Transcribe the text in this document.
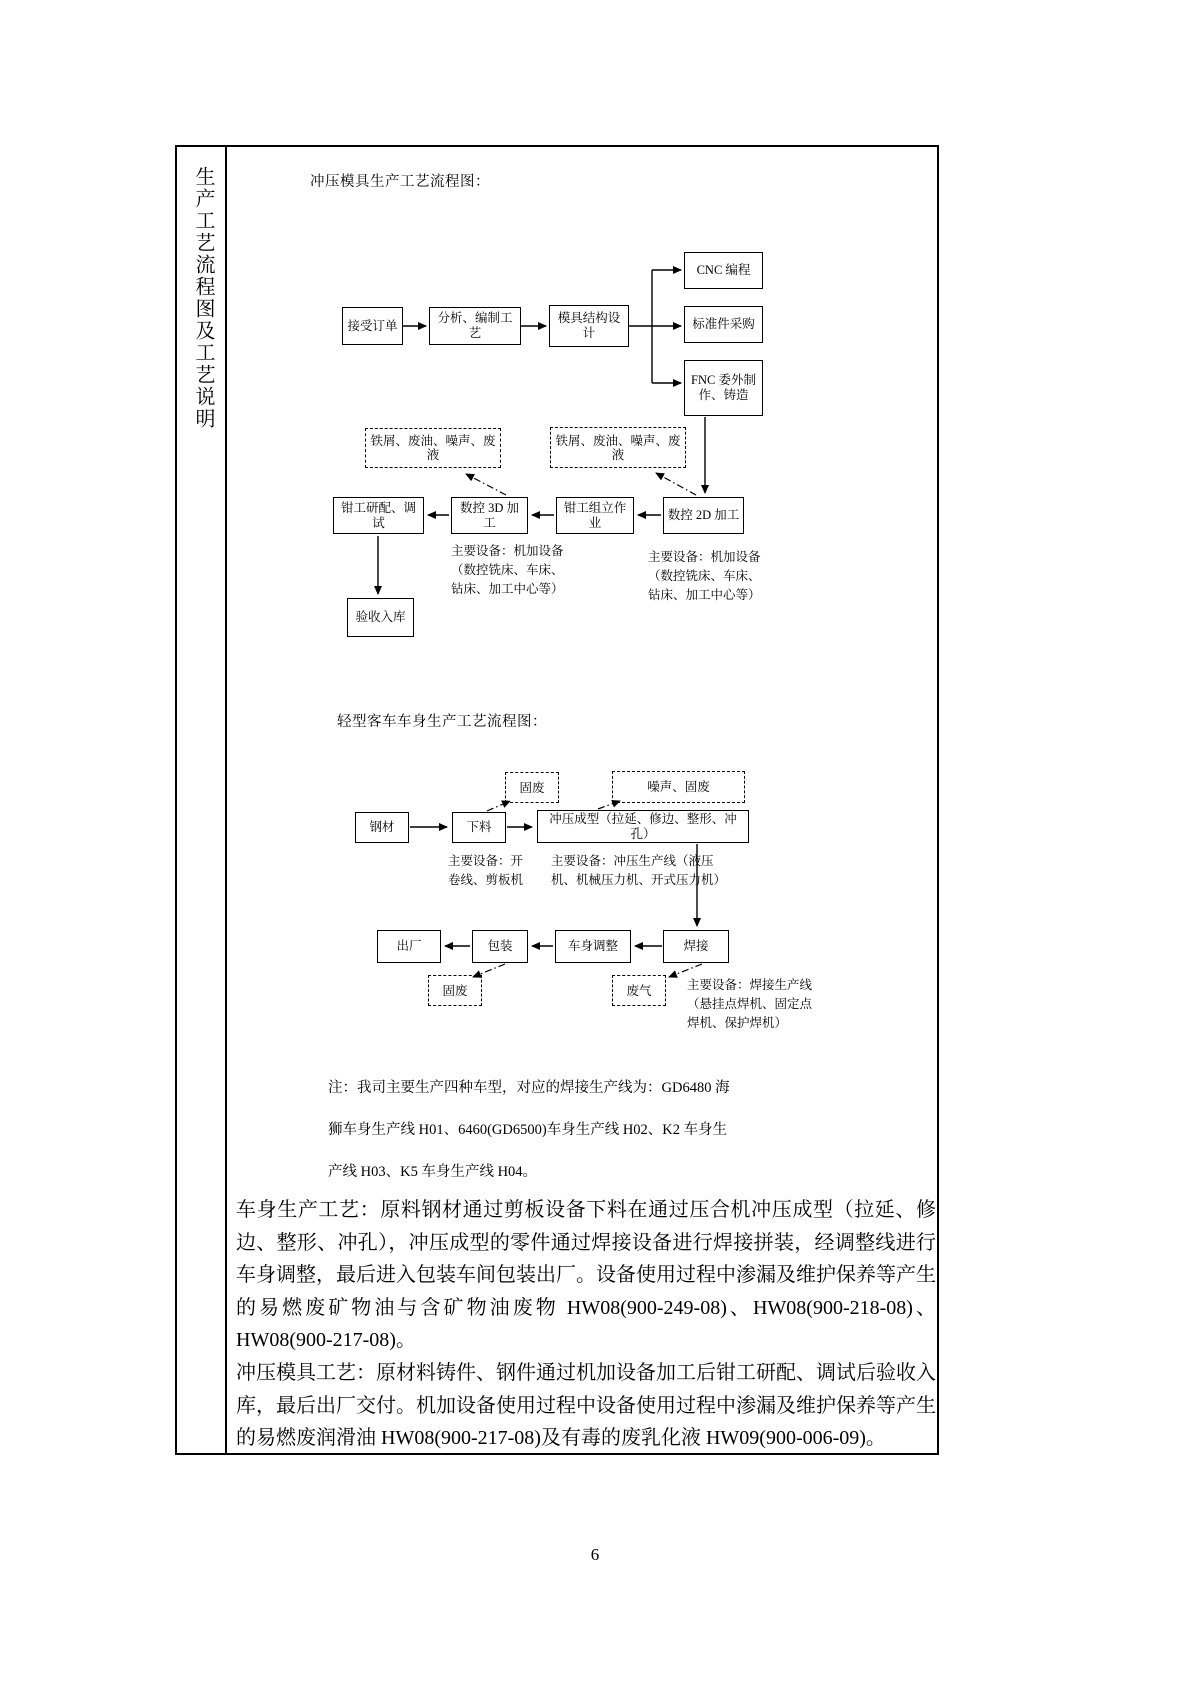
生产工艺流程图及工艺说明	冲压模具生产工艺流程图：
接受订单
分析、编制工艺
模具结构设计
CNC 编程
标准件采购
FNC 委外制作、铸造
铁屑、废油、噪声、废液
铁屑、废油、噪声、废液
钳工研配、调试
数控 3D 加工
钳工组立作业
数控 2D 加工
主要设备：机加设备（数控铣床、车床、钻床、加工中心等）
主要设备：机加设备（数控铣床、车床、钻床、加工中心等）
验收入库
轻型客车车身生产工艺流程图：
固废	噪声、固废
钢材	下料
冲压成型（拉延、修边、整形、冲孔）
主要设备：开卷线、剪板机
主要设备：冲压生产线（液压机、机械压力机、开式压力机）
出厂	包装	车身调整	焊接
固废	废气	主要设备：焊接生产线（悬挂点焊机、固定点焊机、保护焊机）
注：我司主要生产四种车型，对应的焊接生产线为：GD6480 海
狮车身生产线 H01、6460(GD6500)车身生产线 H02、K2 车身生
产线 H03、K5 车身生产线 H04。

车身生产工艺：原料钢材通过剪板设备下料在通过压合机冲压成型（拉延、修边、整形、冲孔），冲压成型的零件通过焊接设备进行焊接拼装，经调整线进行车身调整，最后进入包装车间包装出厂。设备使用过程中渗漏及维护保养等产生的易燃废矿物油与含矿物油废物 HW08(900-249-08)、HW08(900-218-08)、HW08(900-217-08)。

冲压模具工艺：原材料铸件、钢件通过机加设备加工后钳工研配、调试后验收入库，最后出厂交付。机加设备使用过程中设备使用过程中渗漏及维护保养等产生的易燃废润滑油 HW08(900-217-08)及有毒的废乳化液 HW09(900-006-09)。

6
